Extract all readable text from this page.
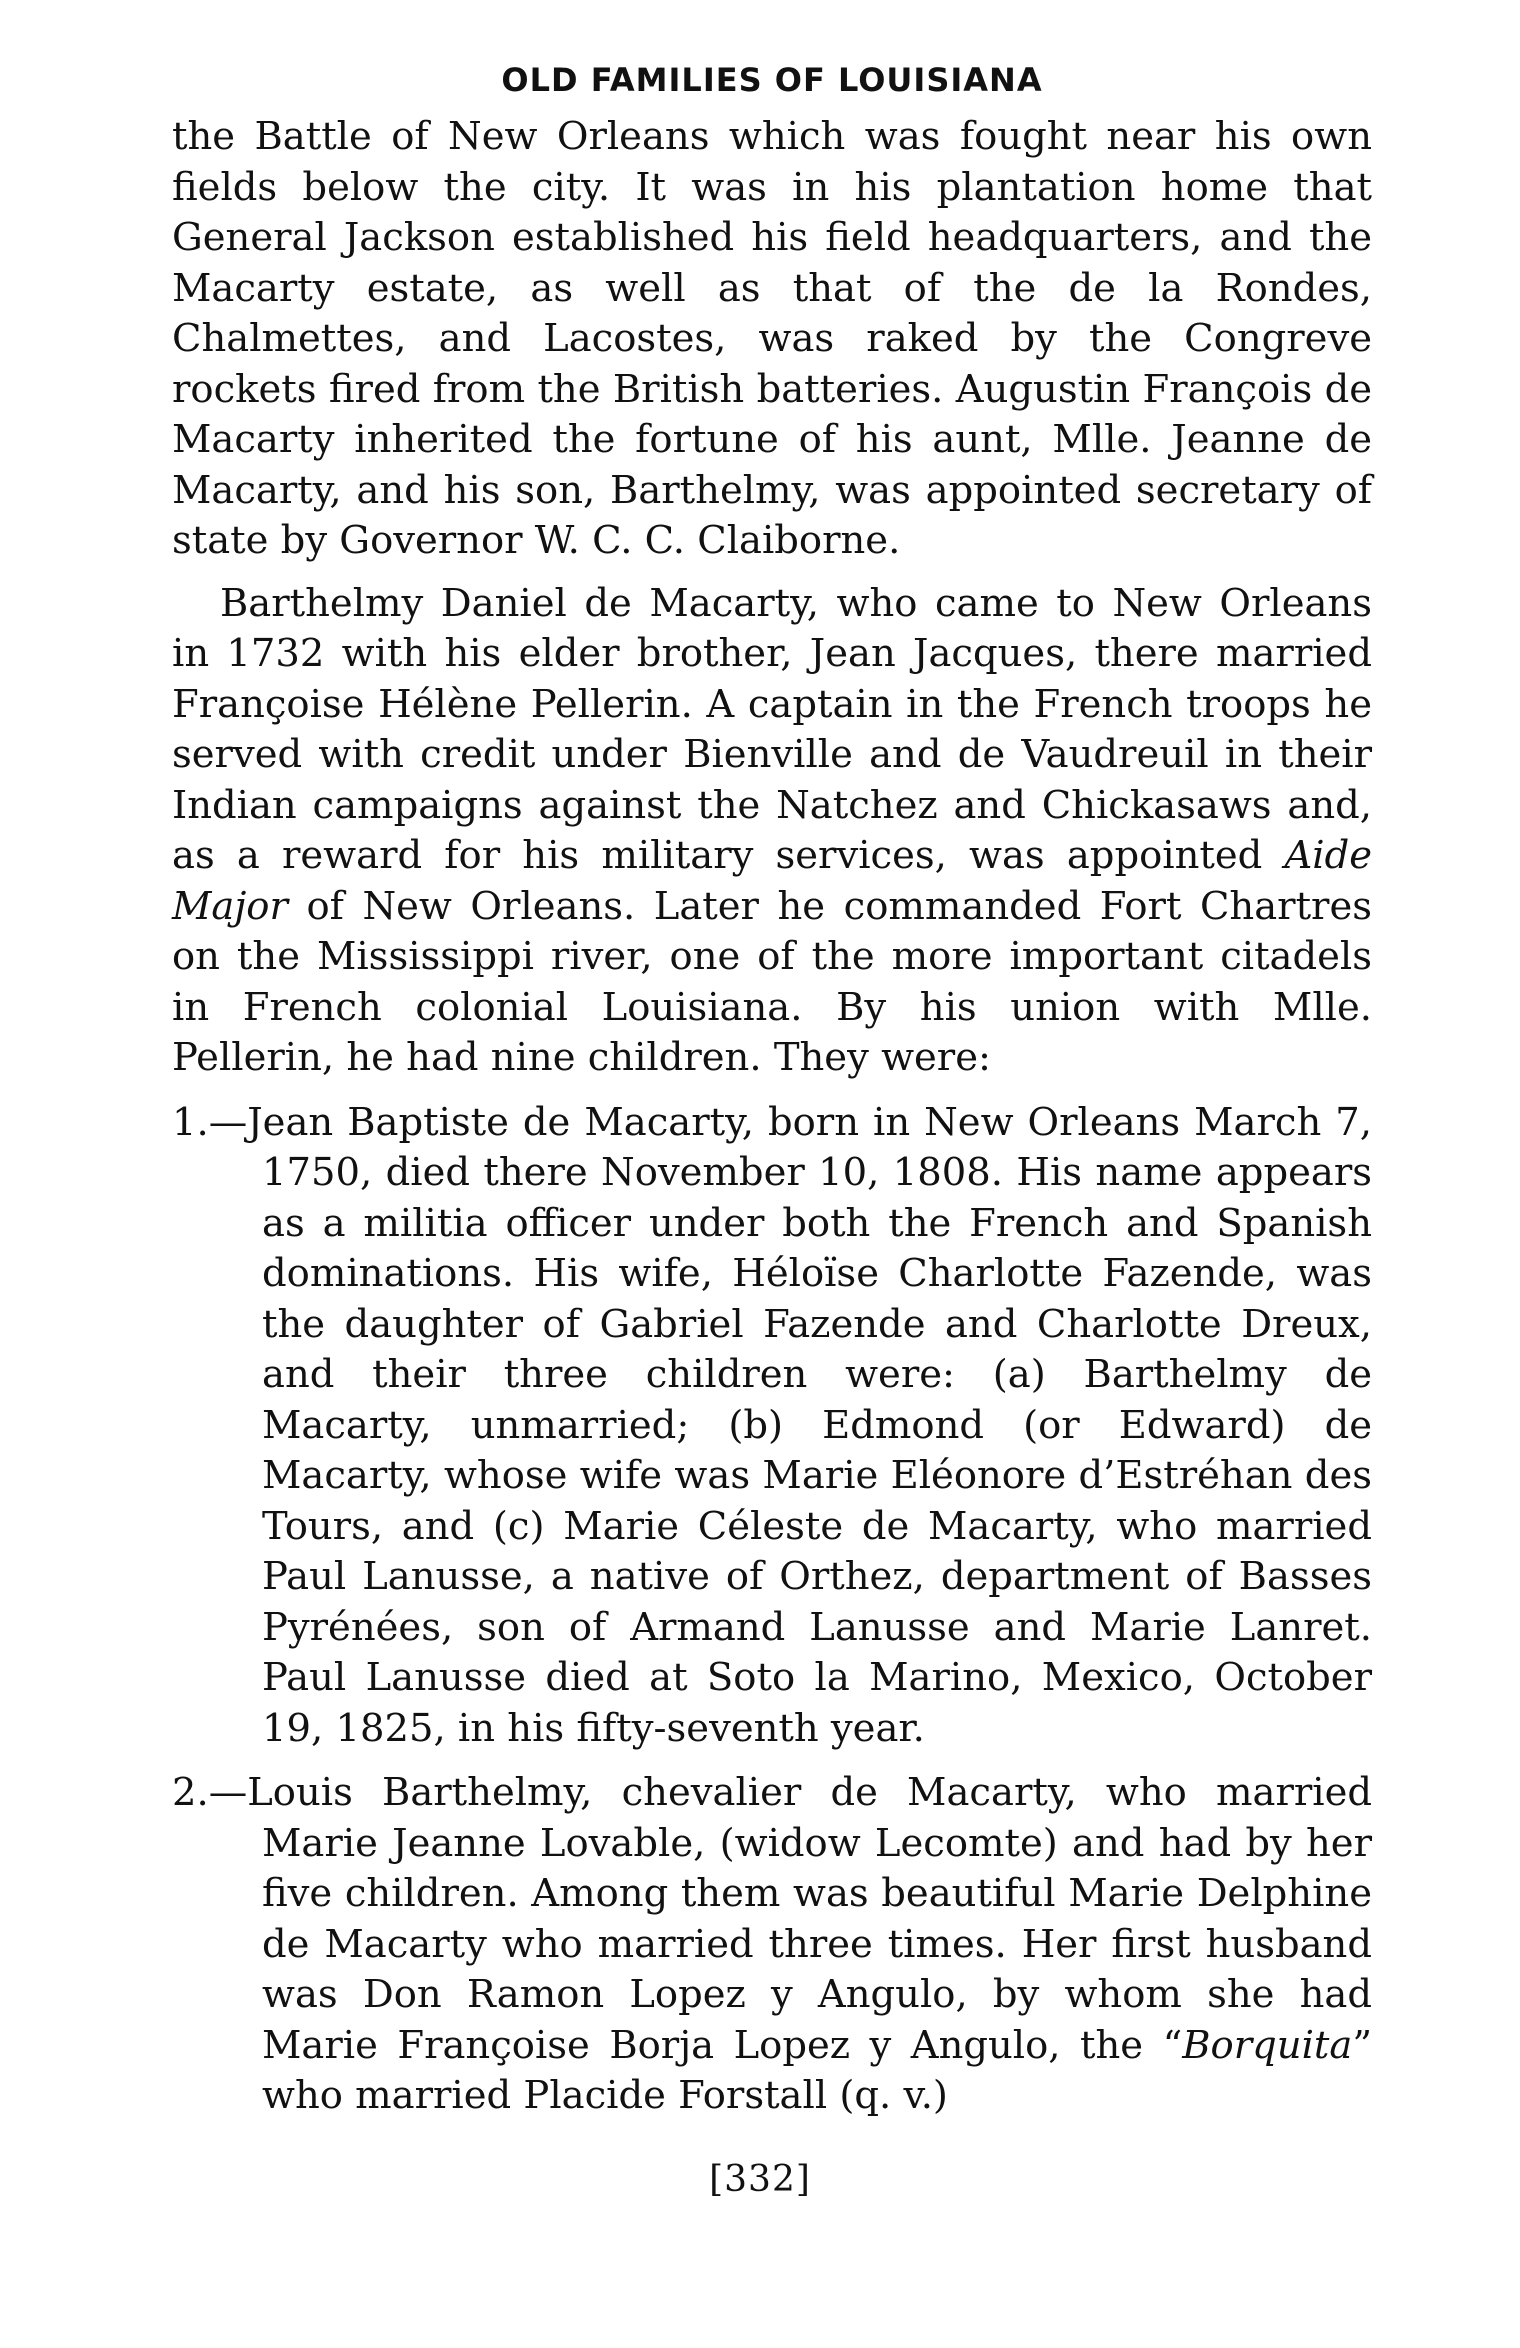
OLD FAMILIES OF LOUISIANA

the Battle of New Orleans which was fought near his own fields below the city. It was in his plantation home that General Jackson established his field headquarters, and the Macarty estate, as well as that of the de la Rondes, Chalmettes, and Lacostes, was raked by the Congreve rockets fired from the British batteries. Augustin François de Macarty inherited the fortune of his aunt, Mlle. Jeanne de Macarty, and his son, Barthelmy, was appointed secretary of state by Governor W. C. C. Claiborne.

Barthelmy Daniel de Macarty, who came to New Orleans in 1732 with his elder brother, Jean Jacques, there married Françoise Hélène Pellerin. A captain in the French troops he served with credit under Bienville and de Vaudreuil in their Indian campaigns against the Natchez and Chickasaws and, as a reward for his military services, was appointed Aide Major of New Orleans. Later he commanded Fort Chartres on the Mississippi river, one of the more important citadels in French colonial Louisiana. By his union with Mlle. Pellerin, he had nine children. They were:

1.—Jean Baptiste de Macarty, born in New Orleans March 7, 1750, died there November 10, 1808. His name appears as a militia officer under both the French and Spanish dominations. His wife, Héloïse Charlotte Fazende, was the daughter of Gabriel Fazende and Charlotte Dreux, and their three children were: (a) Barthelmy de Macarty, unmarried; (b) Edmond (or Edward) de Macarty, whose wife was Marie Eléonore d’Estréhan des Tours, and (c) Marie Céleste de Macarty, who married Paul Lanusse, a native of Orthez, department of Basses Pyrénées, son of Armand Lanusse and Marie Lanret. Paul Lanusse died at Soto la Marino, Mexico, October 19, 1825, in his fifty-seventh year.
2.—Louis Barthelmy, chevalier de Macarty, who married Marie Jeanne Lovable, (widow Lecomte) and had by her five children. Among them was beautiful Marie Delphine de Macarty who married three times. Her first husband was Don Ramon Lopez y Angulo, by whom she had Marie Françoise Borja Lopez y Angulo, the “Borquita” who married Placide Forstall (q. v.)
[332]
